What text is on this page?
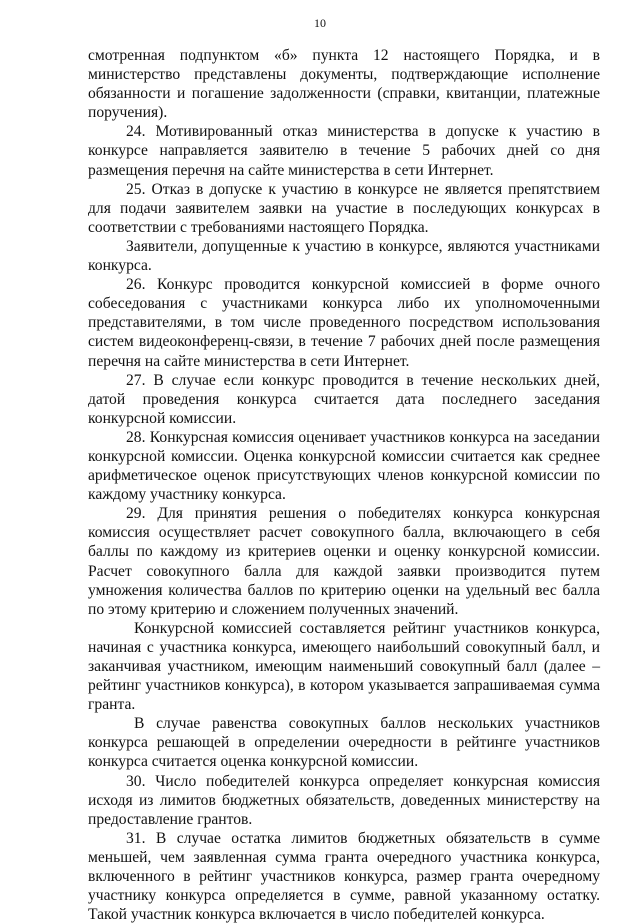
10

смотренная подпунктом «б» пункта 12 настоящего Порядка, и в министерство представлены документы, подтверждающие исполнение обязанности и погашение задолженности (справки, квитанции, платежные поручения).

24. Мотивированный отказ министерства в допуске к участию в конкурсе направляется заявителю в течение 5 рабочих дней со дня размещения перечня на сайте министерства в сети Интернет.

25. Отказ в допуске к участию в конкурсе не является препятствием для подачи заявителем заявки на участие в последующих конкурсах в соответствии с требованиями настоящего Порядка.

Заявители, допущенные к участию в конкурсе, являются участниками конкурса.

26. Конкурс проводится конкурсной комиссией в форме очного собеседования с участниками конкурса либо их уполномоченными представителями, в том числе проведенного посредством использования систем видеоконференц-связи, в течение 7 рабочих дней после размещения перечня на сайте министерства в сети Интернет.

27. В случае если конкурс проводится в течение нескольких дней, датой проведения конкурса считается дата последнего заседания конкурсной комиссии.

28. Конкурсная комиссия оценивает участников конкурса на заседании конкурсной комиссии. Оценка конкурсной комиссии считается как среднее арифметическое оценок присутствующих членов конкурсной комиссии по каждому участнику конкурса.

29. Для принятия решения о победителях конкурса конкурсная комиссия осуществляет расчет совокупного балла, включающего в себя баллы по каждому из критериев оценки и оценку конкурсной комиссии. Расчет совокупного балла для каждой заявки производится путем умножения количества баллов по критерию оценки на удельный вес балла по этому критерию и сложением полученных значений.

Конкурсной комиссией составляется рейтинг участников конкурса, начиная с участника конкурса, имеющего наибольший совокупный балл, и заканчивая участником, имеющим наименьший совокупный балл (далее – рейтинг участников конкурса), в котором указывается запрашиваемая сумма гранта.

В случае равенства совокупных баллов нескольких участников конкурса решающей в определении очередности в рейтинге участников конкурса считается оценка конкурсной комиссии.

30. Число победителей конкурса определяет конкурсная комиссия исходя из лимитов бюджетных обязательств, доведенных министерству на предоставление грантов.

31. В случае остатка лимитов бюджетных обязательств в сумме меньшей, чем заявленная сумма гранта очередного участника конкурса, включенного в рейтинг участников конкурса, размер гранта очередному участнику конкурса определяется в сумме, равной указанному остатку. Такой участник конкурса включается в число победителей конкурса.
